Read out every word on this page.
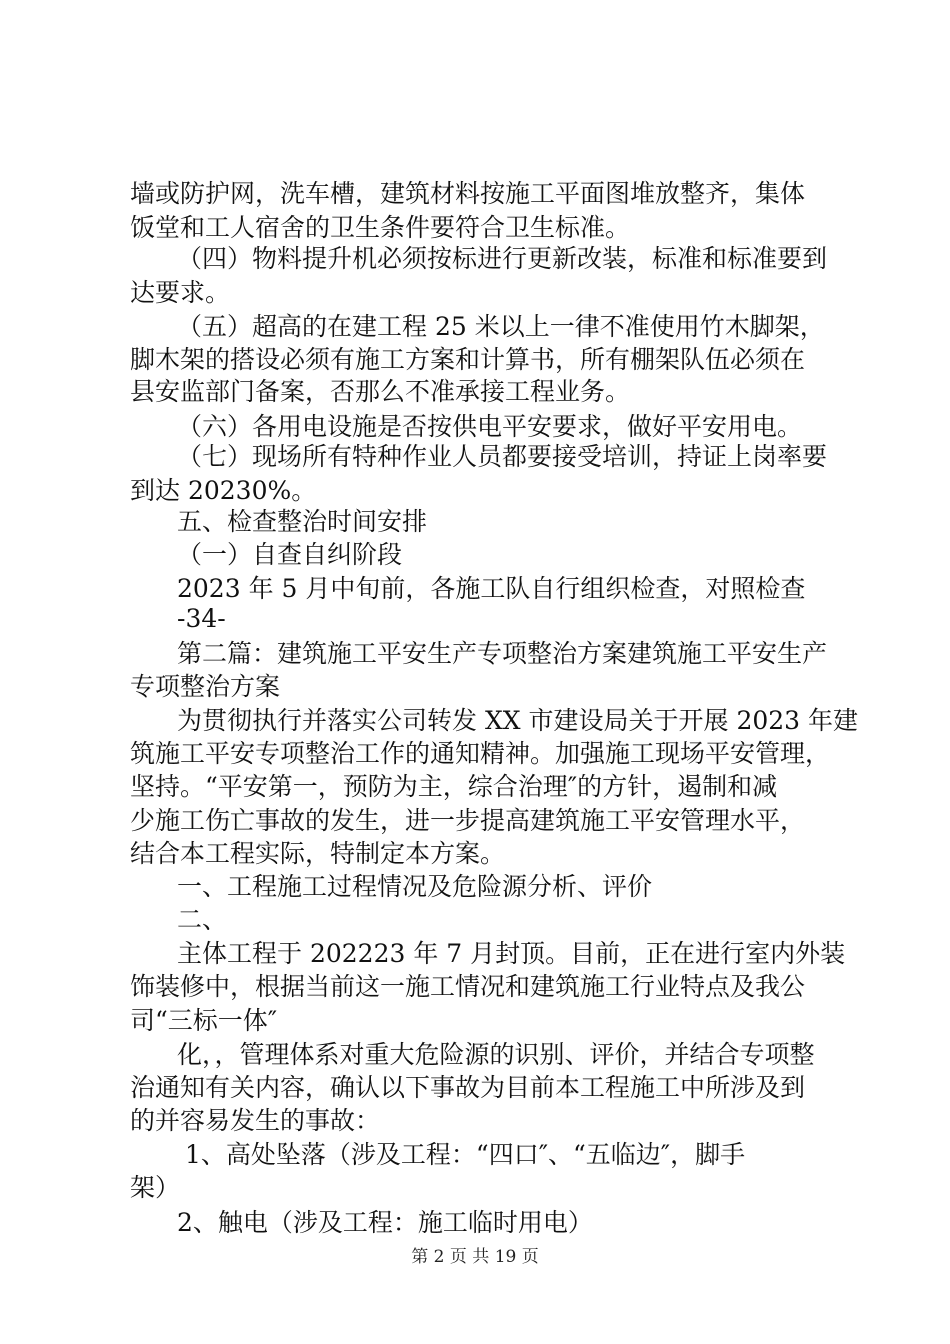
墙或防护网，洗车槽，建筑材料按施工平面图堆放整齐，集体
饭堂和工人宿舍的卫生条件要符合卫生标准。
（四）物料提升机必须按标进行更新改装，标准和标准要到
达要求。
（五）超高的在建工程 25 米以上一律不准使用竹木脚架，
脚木架的搭设必须有施工方案和计算书，所有棚架队伍必须在
县安监部门备案，否那么不准承接工程业务。
（六）各用电设施是否按供电平安要求，做好平安用电。
（七）现场所有特种作业人员都要接受培训，持证上岗率要
到达 20230%。
五、检查整治时间安排
（一）自查自纠阶段
2023 年 5 月中旬前，各施工队自行组织检查，对照检查
-34-
第二篇：建筑施工平安生产专项整治方案建筑施工平安生产
专项整治方案
为贯彻执行并落实公司转发 XX 市建设局关于开展 2023 年建
筑施工平安专项整治工作的通知精神。加强施工现场平安管理，
坚持。“平安第一，预防为主，综合治理″的方针，遏制和减
少施工伤亡事故的发生，进一步提高建筑施工平安管理水平，
结合本工程实际，特制定本方案。
一、工程施工过程情况及危险源分析、评价
二、
主体工程于 202223 年 7 月封顶。目前，正在进行室内外装
饰装修中，根据当前这一施工情况和建筑施工行业特点及我公
司“三标一体″
化，，管理体系对重大危险源的识别、评价，并结合专项整
治通知有关内容，确认以下事故为目前本工程施工中所涉及到
的并容易发生的事故：
1、高处坠落（涉及工程：“四口″、“五临边″，脚手
架）
2、触电（涉及工程：施工临时用电）
第 2 页 共 19 页
